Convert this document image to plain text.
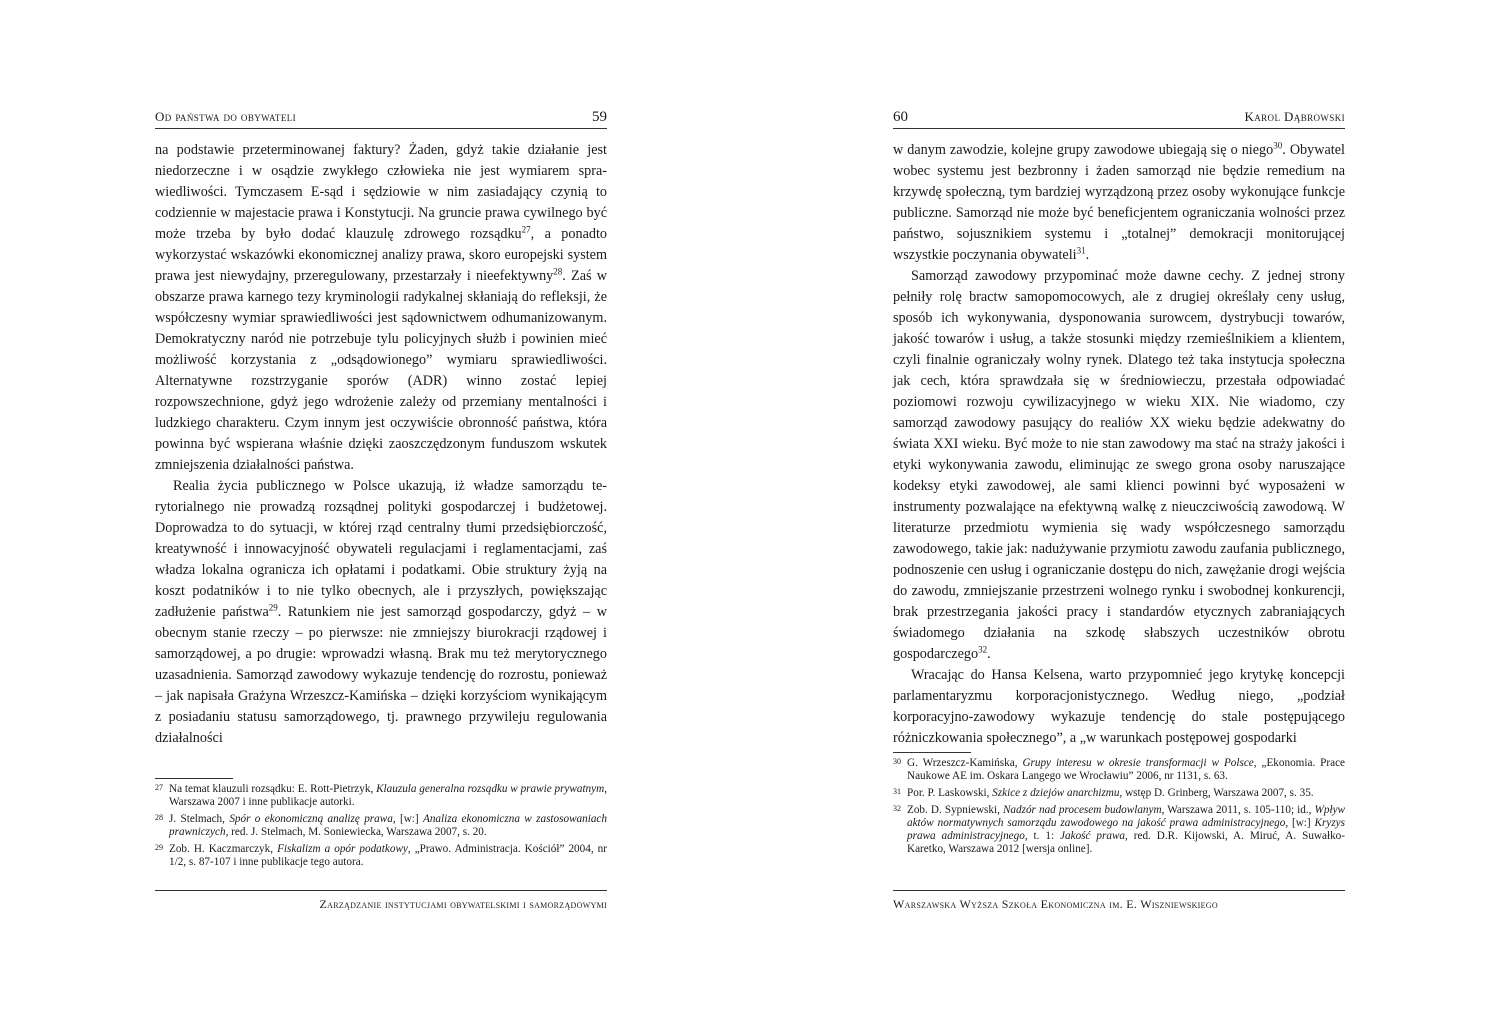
Od państwa do obywateli	59

na podstawie przeterminowanej faktury? Żaden, gdyż takie działanie jest niedorzeczne i w osądzie zwykłego człowieka nie jest wymiarem sprawiedliwości. Tymczasem E-sąd i sędziowie w nim zasiadający czynią to codziennie w majestacie prawa i Konstytucji. Na gruncie prawa cywilnego być może trzeba by było dodać klauzulę zdrowego rozsądku$^{27}$, a ponadto wykorzystać wskazówki ekonomicznej analizy prawa, skoro europejski system prawa jest niewydajny, przeregulowany, przestarzały i nieefektywny$^{28}$. Zaś w obszarze prawa karnego tezy kryminologii radykalnej skłaniają do refleksji, że współczesny wymiar sprawiedliwości jest sądownictwem odhumanizowanym. Demokratyczny naród nie potrzebuje tylu policyjnych służb i powinien mieć możliwość korzystania z „odsądowionego” wymiaru sprawiedliwości. Alternatywne rozstrzyganie sporów (ADR) winno zostać lepiej rozpowszechnione, gdyż jego wdrożenie zależy od przemiany mentalności i ludzkiego charakteru. Czym innym jest oczywiście obronność państwa, która powinna być wspierana właśnie dzięki zaoszczędzonym funduszom wskutek zmniejszenia działalności państwa.

Realia życia publicznego w Polsce ukazują, iż władze samorządu terytorialnego nie prowadzą rozsądnej polityki gospodarczej i budżetowej. Doprowadza to do sytuacji, w której rząd centralny tłumi przedsiębiorczość, kreatywność i innowacyjność obywateli regulacjami i reglamentacjami, zaś władza lokalna ogranicza ich opłatami i podatkami. Obie struktury żyją na koszt podatników i to nie tylko obecnych, ale i przyszłych, powiększając zadłużenie państwa$^{29}$. Ratunkiem nie jest samorząd gospodarczy, gdyż – w obecnym stanie rzeczy – po pierwsze: nie zmniejszy biurokracji rządowej i samorządowej, a po drugie: wprowadzi własną. Brak mu też merytorycznego uzasadnienia. Samorząd zawodowy wykazuje tendencję do rozrostu, ponieważ – jak napisała Grażyna Wrzeszcz-Kamińska – dzięki korzyściom wynikającym z posiadaniu statusu samorządowego, tj. prawnego przywileju regulowania działalności

27 Na temat klauzuli rozsądku: E. Rott-Pietrzyk, Klauzula generalna rozsądku w prawie prywatnym, Warszawa 2007 i inne publikacje autorki.
28 J. Stelmach, Spór o ekonomiczną analizę prawa, [w:] Analiza ekonomiczna w zastosowaniach prawniczych, red. J. Stelmach, M. Soniewiecka, Warszawa 2007, s. 20.
29 Zob. H. Kaczmarczyk, Fiskalizm a opór podatkowy, „Prawo. Administracja. Kościół” 2004, nr 1/2, s. 87-107 i inne publikacje tego autora.
Zarządzanie instytucjami obywatelskimi i samorządowymi
60	Karol Dąbrowski

w danym zawodzie, kolejne grupy zawodowe ubiegają się o niego$^{30}$. Obywatel wobec systemu jest bezbronny i żaden samorząd nie będzie remedium na krzywdę społeczną, tym bardziej wyrządzoną przez osoby wykonujące funkcje publiczne. Samorząd nie może być beneficjentem ograniczania wolności przez państwo, sojusznikiem systemu i „totalnej” demokracji monitorującej wszystkie poczynania obywateli$^{31}$.

Samorząd zawodowy przypominać może dawne cechy. Z jednej strony pełniły rolę bractw samopomocowych, ale z drugiej określały ceny usług, sposób ich wykonywania, dysponowania surowcem, dystrybucji towarów, jakość towarów i usług, a także stosunki między rzemieślnikiem a klientem, czyli finalnie ograniczały wolny rynek. Dlatego też taka instytucja społeczna jak cech, która sprawdzała się w średniowieczu, przestała odpowiadać poziomowi rozwoju cywilizacyjnego w wieku XIX. Nie wiadomo, czy samorząd zawodowy pasujący do realiów XX wieku będzie adekwatny do świata XXI wieku. Być może to nie stan zawodowy ma stać na straży jakości i etyki wykonywania zawodu, eliminując ze swego grona osoby naruszające kodeksy etyki zawodowej, ale sami klienci powinni być wyposażeni w instrumenty pozwalające na efektywną walkę z nieuczciwością zawodową. W literaturze przedmiotu wymienia się wady współczesnego samorządu zawodowego, takie jak: nadużywanie przymiotu zawodu zaufania publicznego, podnoszenie cen usług i ograniczanie dostępu do nich, zawężanie drogi wejścia do zawodu, zmniejszanie przestrzeni wolnego rynku i swobodnej konkurencji, brak przestrzegania jakości pracy i standardów etycznych zabraniających świadomego działania na szkodę słabszych uczestników obrotu gospodarczego$^{32}$.

Wracając do Hansa Kelsena, warto przypomnieć jego krytykę koncepcji parlamentaryzmu korporacjonistycznego. Według niego, „podział korporacyjno-zawodowy wykazuje tendencję do stale postępującego różniczkowania społecznego”, a „w warunkach postępowej gospodarki

30 G. Wrzeszcz-Kamińska, Grupy interesu w okresie transformacji w Polsce, „Ekonomia. Prace Naukowe AE im. Oskara Langego we Wrocławiu” 2006, nr 1131, s. 63.
31 Por. P. Laskowski, Szkice z dziejów anarchizmu, wstęp D. Grinberg, Warszawa 2007, s. 35.
32 Zob. D. Sypniewski, Nadzór nad procesem budowlanym, Warszawa 2011, s. 105-110; id., Wpływ aktów normatywnych samorządu zawodowego na jakość prawa administracyjnego, [w:] Kryzys prawa administracyjnego, t. 1: Jakość prawa, red. D.R. Kijowski, A. Miruć, A. Suwałko-Karetko, Warszawa 2012 [wersja online].
Warszawska Wyższa Szkoła Ekonomiczna im. E. Wiszniewskiego
